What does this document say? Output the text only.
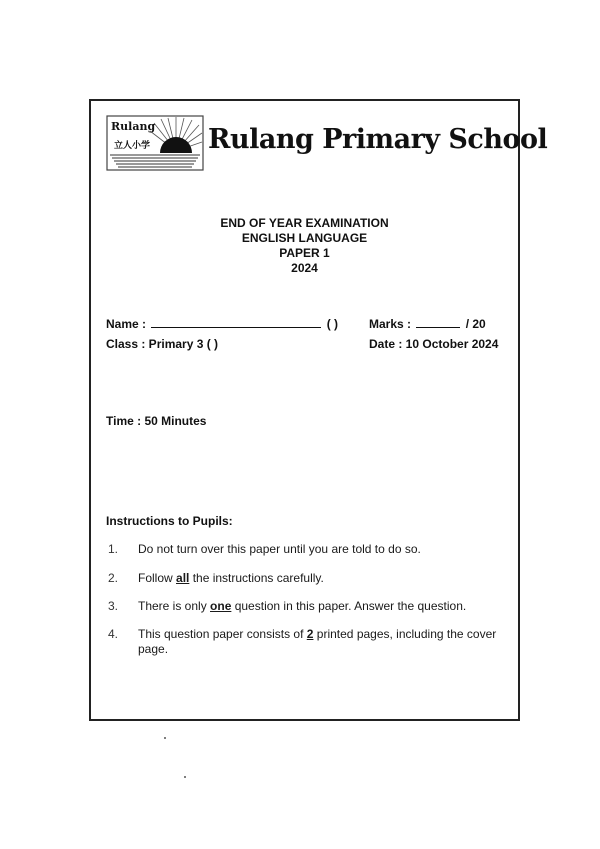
Rulang
立人小学 Rulang Primary School
END OF YEAR EXAMINATION
ENGLISH LANGUAGE
PAPER 1
2024
Name :	( )	Marks :	/ 20
Class : Primary 3 ( )	Date : 10 October 2024
Time : 50 Minutes
Instructions to Pupils:
1. Do not turn over this paper until you are told to do so.
2. Follow all the instructions carefully.
3. There is only one question in this paper. Answer the question.
4. This question paper consists of 2 printed pages, including the cover page.
